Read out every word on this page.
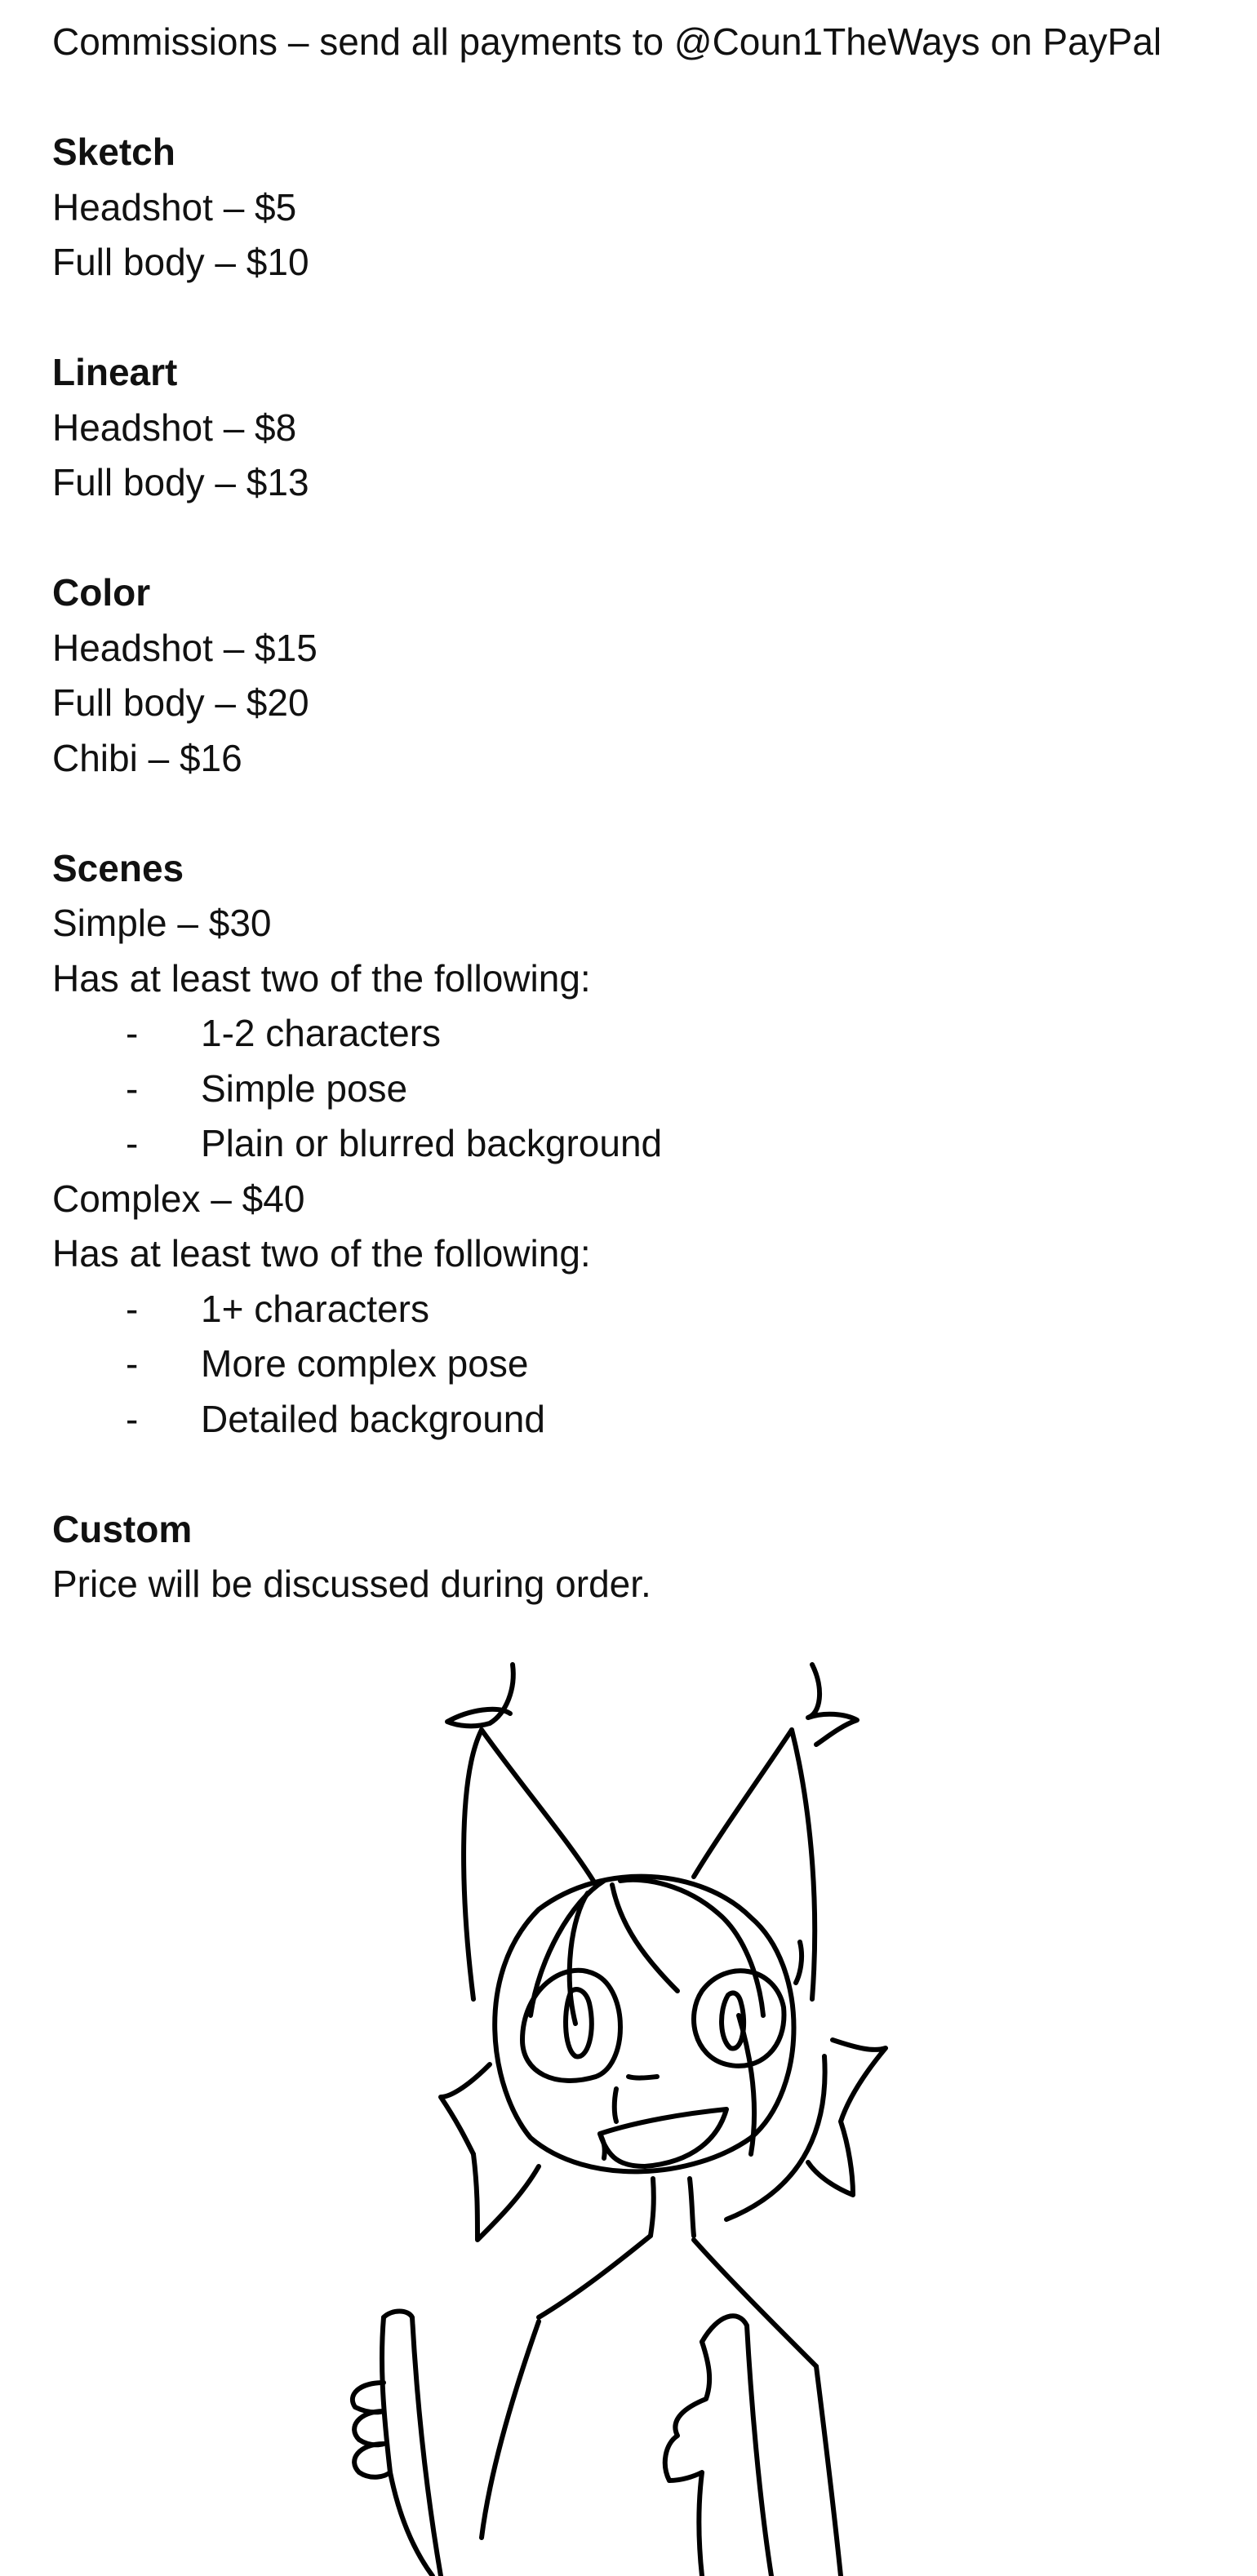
Commissions – send all payments to @Coun1TheWays on PayPal
Sketch
Headshot – $5
Full body – $10
Lineart
Headshot – $8
Full body – $13
Color
Headshot – $15
Full body – $20
Chibi – $16
Scenes
Simple – $30
Has at least two of the following:
- 1-2 characters
- Simple pose
- Plain or blurred background
Complex – $40
Has at least two of the following:
- 1+ characters
- More complex pose
- Detailed background
Custom
Price will be discussed during order.
